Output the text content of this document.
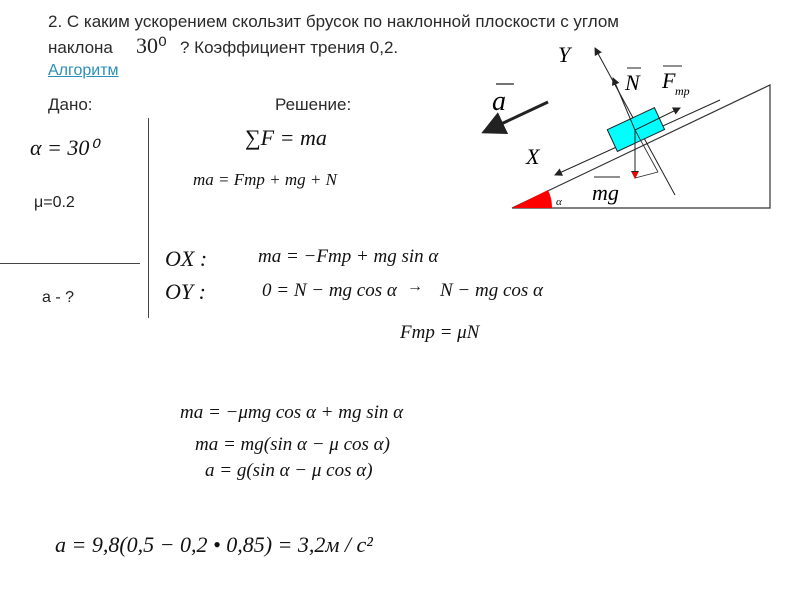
2. С каким ускорением скользит брусок по наклонной плоскости с углом
наклона 30⁰ ? Коэффициент трения 0,2.
Алгоритм
Дано:	Решение:
α = 30⁰
μ=0.2
a - ?
∑F = ma
ma = Fтр + mg + N
OX :	ma = −Fтр + mg sin α
OY :	0 = N − mg cos α → N − mg cos α
Fтр = μN
ma = −μmg cos α + mg sin α
ma = mg(sin α − μ cos α)
a = g(sin α − μ cos α)
a = 9,8(0,5 − 0,2 • 0,85) = 3,2м / с²
Y
X
a
N F тр
mg
α
